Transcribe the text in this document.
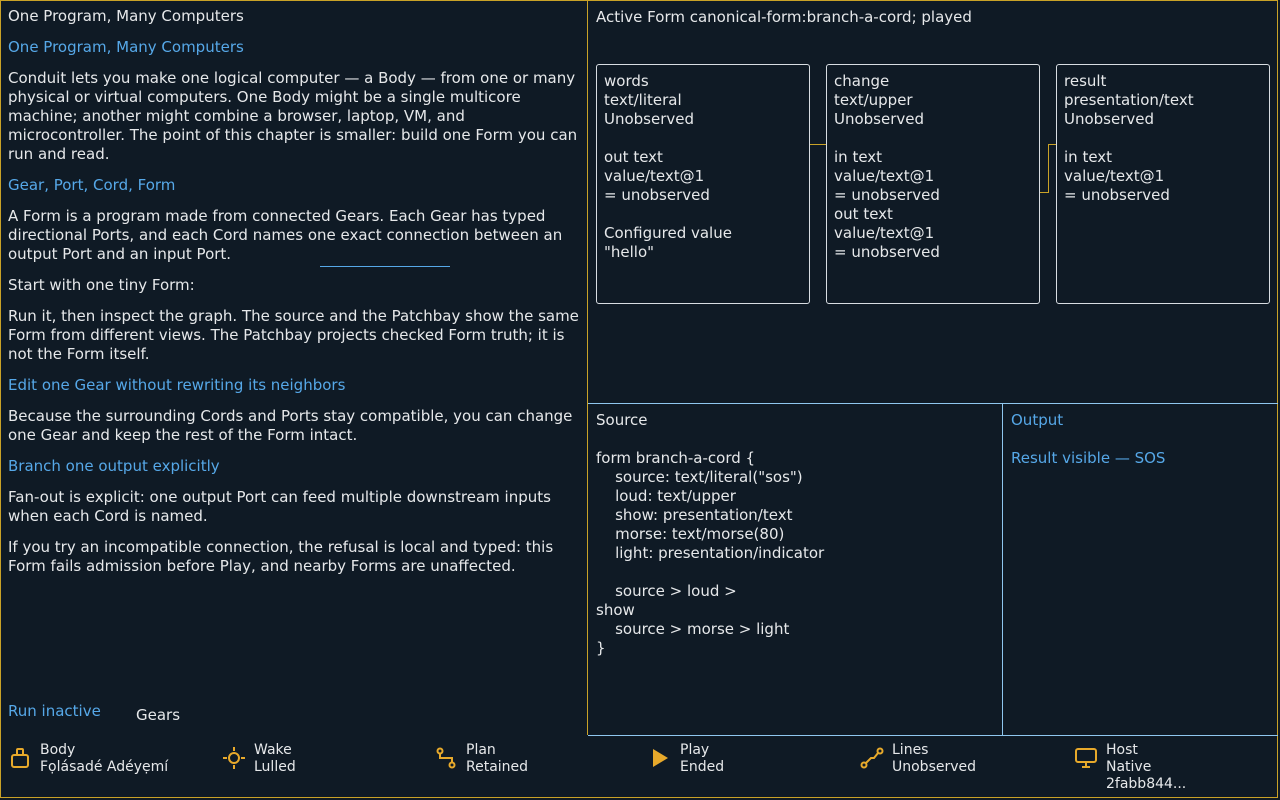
One Program, Many Computers
One Program, Many Computers

Conduit lets you make one logical computer — a Body — from one or many physical or virtual computers. One Body might be a single multicore machine; another might combine a browser, laptop, VM, and microcontroller. The point of this chapter is smaller: build one Form you can run and read.

Gear, Port, Cord, Form

A Form is a program made from connected Gears. Each Gear has typed directional Ports, and each Cord names one exact connection between an output Port and an input Port.

Start with one tiny Form:

Run it, then inspect the graph. The source and the Patchbay show the same Form from different views. The Patchbay projects checked Form truth; it is not the Form itself.

Edit one Gear without rewriting its neighbors

Because the surrounding Cords and Ports stay compatible, you can change one Gear and keep the rest of the Form intact.

Branch one output explicitly

Fan-out is explicit: one output Port can feed multiple downstream inputs when each Cord is named.

If you try an incompatible connection, the refusal is local and typed: this Form fails admission before Play, and nearby Forms are unaffected.

Run inactive Gears
Active Form canonical-form:branch-a-cord; played
words
text/literal
Unobserved

out text
value/text@1
= unobserved

Configured value
"hello"
change
text/upper
Unobserved

in text
value/text@1
= unobserved
out text
value/text@1
= unobserved
result
presentation/text
Unobserved

in text
value/text@1
= unobserved
Source
form branch-a-cord {
source: text/literal("sos")
loud: text/upper
show: presentation/text
morse: text/morse(80)
light: presentation/indicator

source > loud >
show
source > morse > light
}
Output
Result visible — SOS
Body
Fọlásadé Adéyẹmí
Wake
Lulled
Plan
Retained
Play
Ended
Lines
Unobserved
Host
Native
2fabb844...
